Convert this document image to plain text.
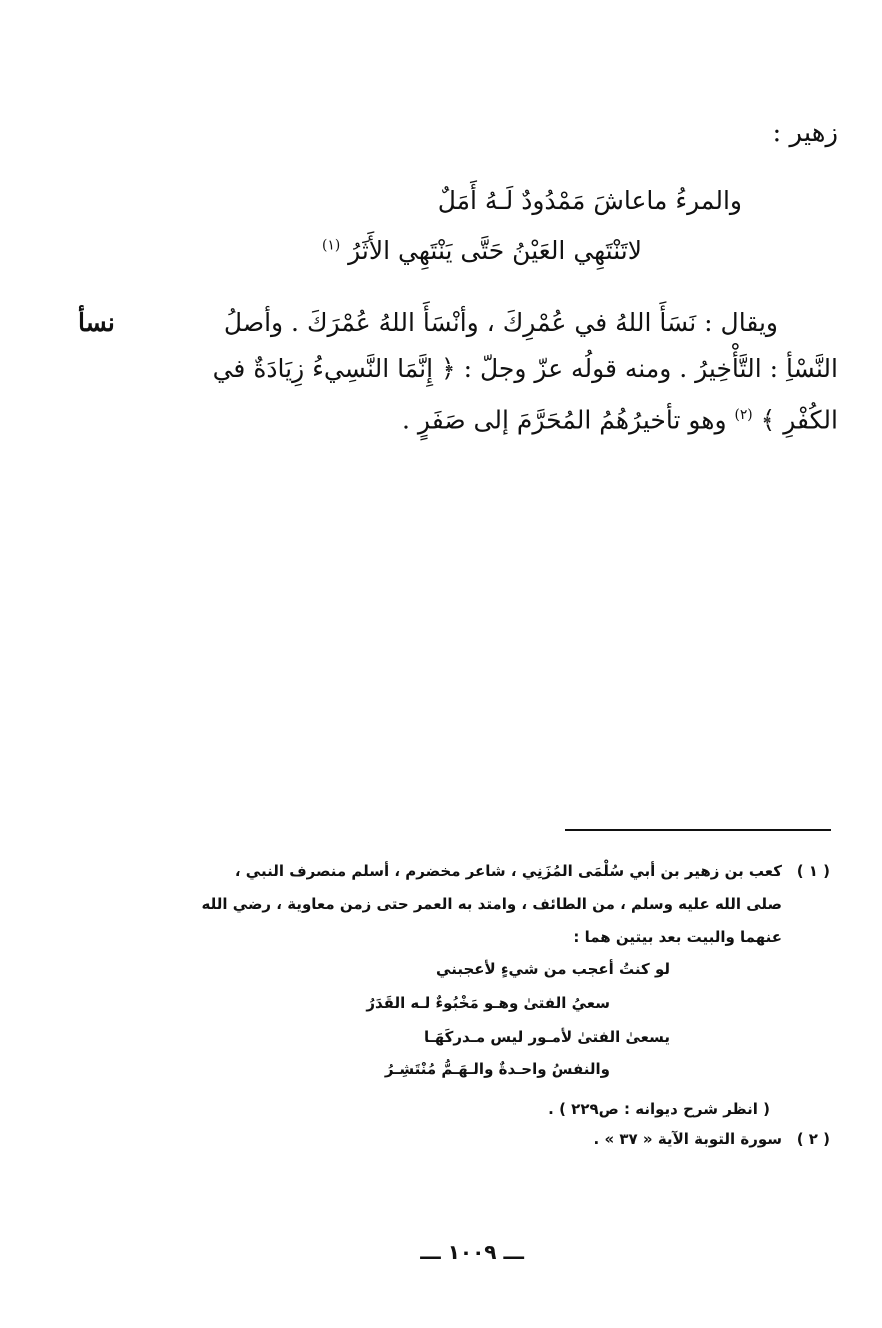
زهير :
والمرءُ ماعاشَ مَمْدُودٌ لَـهُ أَمَلٌ
لاتَنْتَهِي العَيْنُ حَتَّى يَنْتَهِي الأَثَرُ $^{(١)}$
ويقال : نَسَأَ اللهُ في عُمْرِكَ ، وأنْسَأَ اللهُ عُمْرَكَ . وأصلُ
نسأ
النَّسْأِ : التَّأْخِيرُ . ومنه قولُه عزّ وجلّ : ﴿ إِنَّمَا النَّسِيءُ زِيَادَةٌ في
الكُفْرِ ﴾ $^{(٢)}$ وهو تأخيرُهُمُ المُحَرَّمَ إلى صَفَرٍ .
( ١ )
كعب بن زهير بن أبي سُلْمَى المُزَنِي ، شاعر مخضرم ، أسلم منصرف النبي ،
صلى الله عليه وسلم ، من الطائف ، وامتد به العمر حتى زمن معاوية ، رضي الله
عنهما والبيت بعد بيتين هما :
لو كنتُ أعجب من شيءٍ لأعجبني
سعيُ الفتىٰ وهـو مَخْبُوءٌ لـه القَدَرُ
يسعىٰ الفتىٰ لأمـور ليس مـدركَهَـا
والنفسُ واحـدةٌ والـهَـمُّ مُنْتَشِـرُ
( انظر شرح ديوانه : ص٢٢٩ ) .
( ٢ )
سورة التوبة الآية « ٣٧ » .
ـــ ١٠٠٩ ـــ
